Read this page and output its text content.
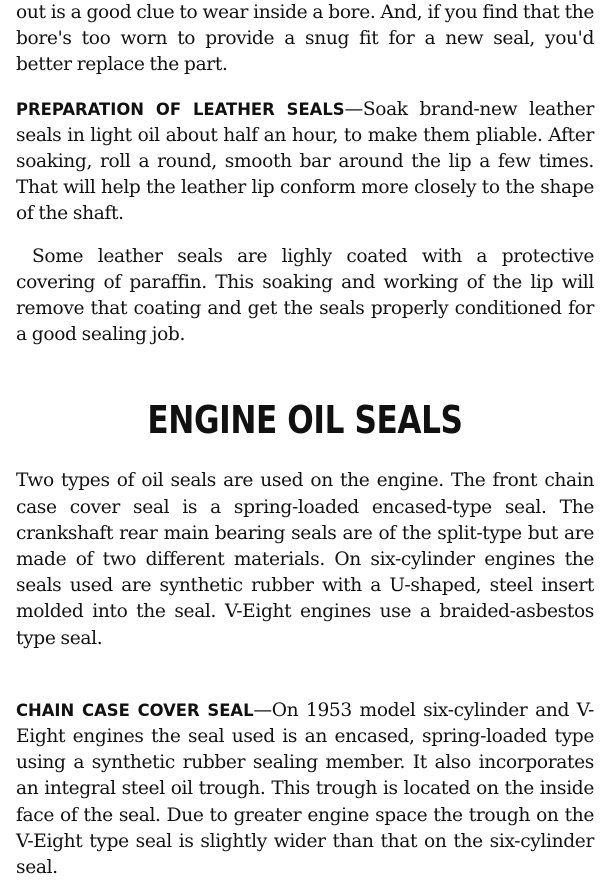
out is a good clue to wear inside a bore. And, if you find that the bore's too worn to provide a snug fit for a new seal, you'd better replace the part.

PREPARATION OF LEATHER SEALS—Soak brand-new leather seals in light oil about half an hour, to make them pliable. After soaking, roll a round, smooth bar around the lip a few times. That will help the leather lip conform more closely to the shape of the shaft.

Some leather seals are lighly coated with a protective covering of paraffin. This soaking and working of the lip will remove that coating and get the seals properly conditioned for a good sealing job.

ENGINE OIL SEALS

Two types of oil seals are used on the engine. The front chain case cover seal is a spring-loaded encased-type seal. The crankshaft rear main bearing seals are of the split-type but are made of two different materials. On six-cylinder engines the seals used are synthetic rubber with a U-shaped, steel insert molded into the seal. V-Eight engines use a braided-asbestos type seal.

CHAIN CASE COVER SEAL—On 1953 model six-cylinder and V-Eight engines the seal used is an encased, spring-loaded type using a synthetic rubber sealing member. It also incorporates an integral steel oil trough. This trough is located on the inside face of the seal. Due to greater engine space the trough on the V-Eight type seal is slightly wider than that on the six-cylinder seal.
